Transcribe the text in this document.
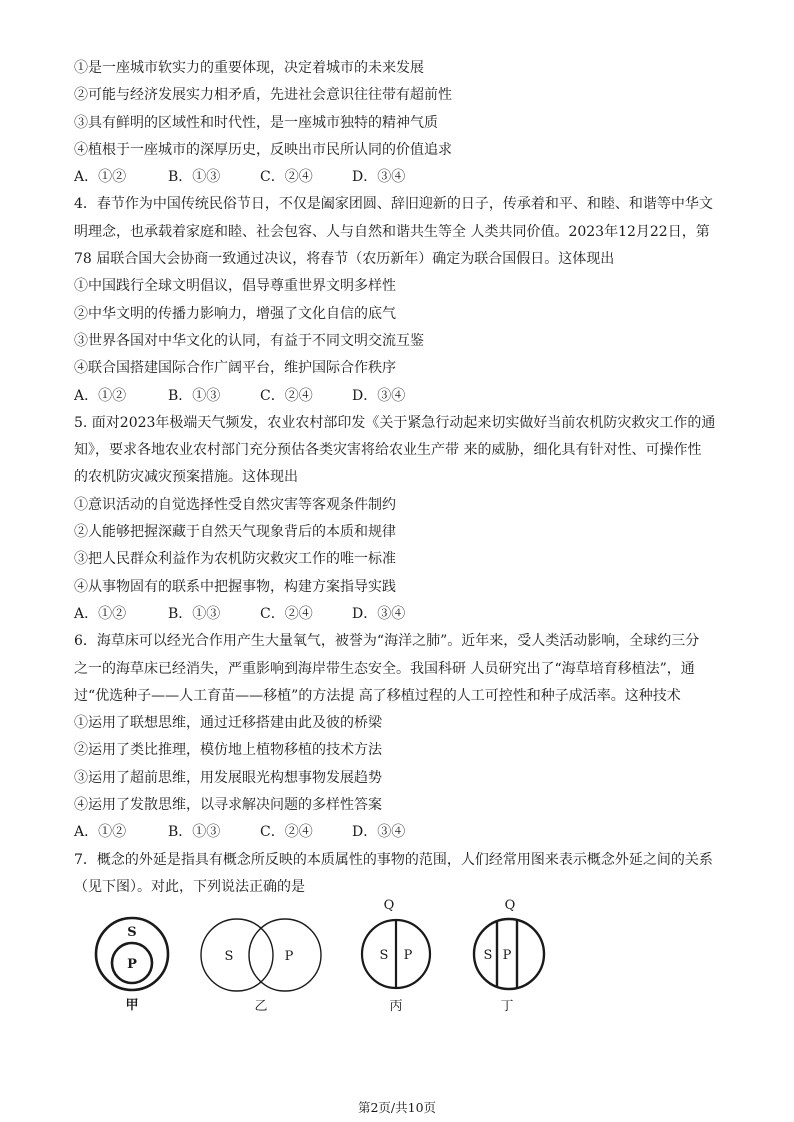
①是一座城市软实力的重要体现，决定着城市的未来发展
②可能与经济发展实力相矛盾，先进社会意识往往带有超前性
③具有鲜明的区域性和时代性，是一座城市独特的精神气质
④植根于一座城市的深厚历史，反映出市民所认同的价值追求
A．①②	B．①③	C．②④	D．③④
4．春节作为中国传统民俗节日，不仅是阖家团圆、辞旧迎新的日子，传承着和平、和睦、和谐等中华文
明理念，也承载着家庭和睦、社会包容、人与自然和谐共生等全 人类共同价值。2023年12月22日，第
78 届联合国大会协商一致通过决议，将春节（农历新年）确定为联合国假日。这体现出
①中国践行全球文明倡议，倡导尊重世界文明多样性
②中华文明的传播力影响力，增强了文化自信的底气
③世界各国对中华文化的认同，有益于不同文明交流互鉴
④联合国搭建国际合作广阔平台，维护国际合作秩序
A．①②	B．①③	C．②④	D．③④
5. 面对2023年极端天气频发，农业农村部印发《关于紧急行动起来切实做好当前农机防灾救灾工作的通
知》，要求各地农业农村部门充分预估各类灾害将给农业生产带 来的威胁，细化具有针对性、可操作性
的农机防灾减灾预案措施。这体现出
①意识活动的自觉选择性受自然灾害等客观条件制约
②人能够把握深藏于自然天气现象背后的本质和规律
③把人民群众利益作为农机防灾救灾工作的唯一标准
④从事物固有的联系中把握事物，构建方案指导实践
A．①②	B．①③	C．②④	D．③④
6．海草床可以经光合作用产生大量氧气，被誉为“海洋之肺”。近年来，受人类活动影响，全球约三分
之一的海草床已经消失，严重影响到海岸带生态安全。我国科研 人员研究出了“海草培育移植法”，通
过“优选种子——人工育苗——移植”的方法提 高了移植过程的人工可控性和种子成活率。这种技术
①运用了联想思维，通过迁移搭建由此及彼的桥梁
②运用了类比推理，模仿地上植物移植的技术方法
③运用了超前思维，用发展眼光构想事物发展趋势
④运用了发散思维，以寻求解决问题的多样性答案
A．①②	B．①③	C．②④	D．③④
7．概念的外延是指具有概念所反映的本质属性的事物的范围，人们经常用图来表示概念外延之间的关系
（见下图）。对此，下列说法正确的是
S
P
甲
S	P
乙
Q
S P
丙
Q
S P
丁
第2页/共10页
